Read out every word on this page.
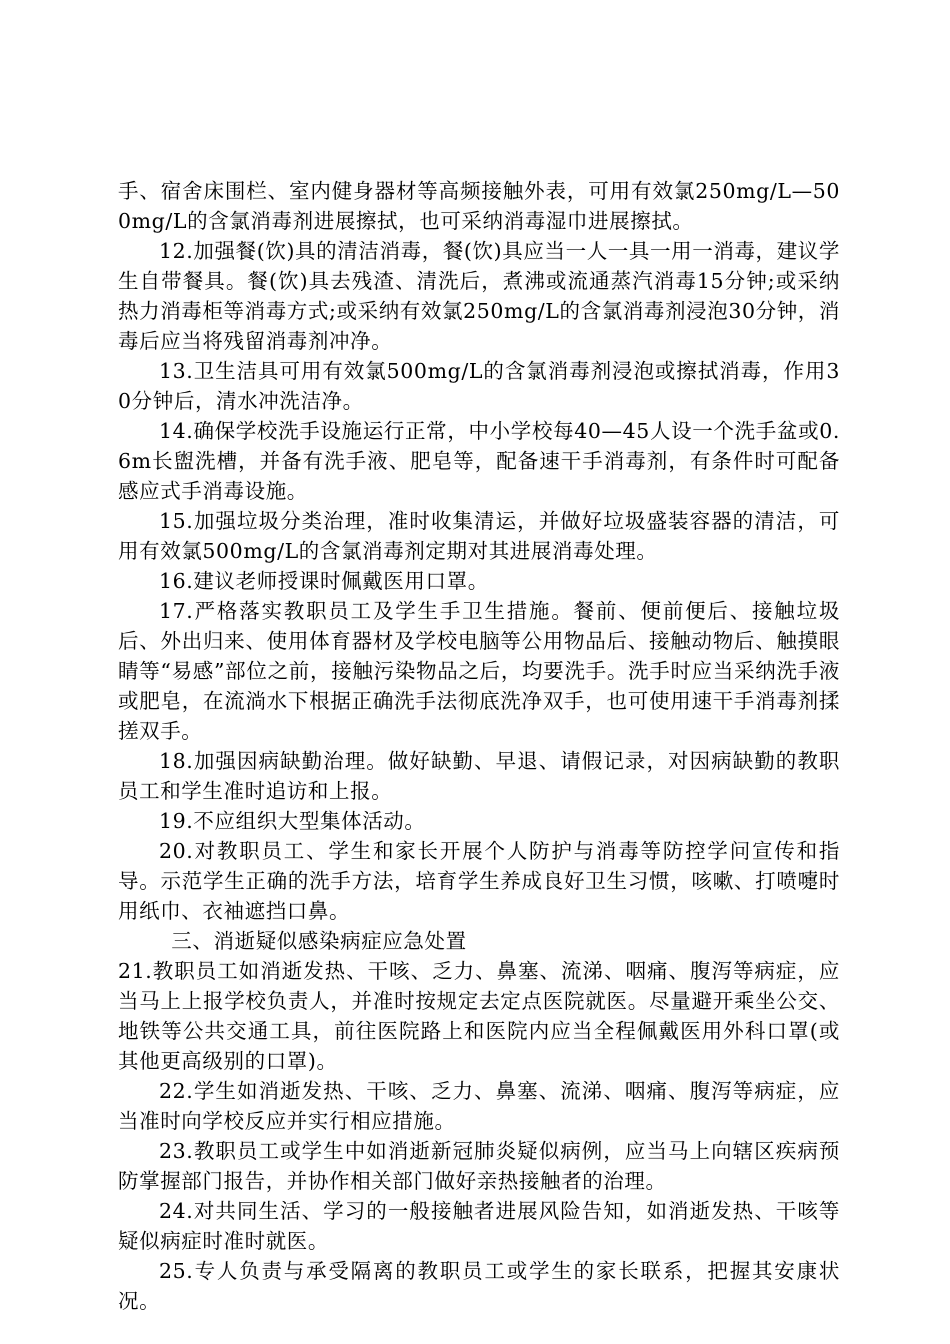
手、宿舍床围栏、室内健身器材等高频接触外表，可用有效氯250mg/L—500mg/L的含氯消毒剂进展擦拭，也可采纳消毒湿巾进展擦拭。

12.加强餐(饮)具的清洁消毒，餐(饮)具应当一人一具一用一消毒，建议学生自带餐具。餐(饮)具去残渣、清洗后，煮沸或流通蒸汽消毒15分钟;或采纳热力消毒柜等消毒方式;或采纳有效氯250mg/L的含氯消毒剂浸泡30分钟，消毒后应当将残留消毒剂冲净。

13.卫生洁具可用有效氯500mg/L的含氯消毒剂浸泡或擦拭消毒，作用30分钟后，清水冲洗洁净。

14.确保学校洗手设施运行正常，中小学校每40—45人设一个洗手盆或0.6m长盥洗槽，并备有洗手液、肥皂等，配备速干手消毒剂，有条件时可配备感应式手消毒设施。

15.加强垃圾分类治理，准时收集清运，并做好垃圾盛装容器的清洁，可用有效氯500mg/L的含氯消毒剂定期对其进展消毒处理。

16.建议老师授课时佩戴医用口罩。

17.严格落实教职员工及学生手卫生措施。餐前、便前便后、接触垃圾后、外出归来、使用体育器材及学校电脑等公用物品后、接触动物后、触摸眼睛等“易感”部位之前，接触污染物品之后，均要洗手。洗手时应当采纳洗手液或肥皂，在流淌水下根据正确洗手法彻底洗净双手，也可使用速干手消毒剂揉搓双手。

18.加强因病缺勤治理。做好缺勤、早退、请假记录，对因病缺勤的教职员工和学生准时追访和上报。

19.不应组织大型集体活动。

20.对教职员工、学生和家长开展个人防护与消毒等防控学问宣传和指导。示范学生正确的洗手方法，培育学生养成良好卫生习惯，咳嗽、打喷嚏时用纸巾、衣袖遮挡口鼻。

三、消逝疑似感染病症应急处置

21.教职员工如消逝发热、干咳、乏力、鼻塞、流涕、咽痛、腹泻等病症，应当马上上报学校负责人，并准时按规定去定点医院就医。尽量避开乘坐公交、地铁等公共交通工具，前往医院路上和医院内应当全程佩戴医用外科口罩(或其他更高级别的口罩)。

22.学生如消逝发热、干咳、乏力、鼻塞、流涕、咽痛、腹泻等病症，应当准时向学校反应并实行相应措施。

23.教职员工或学生中如消逝新冠肺炎疑似病例，应当马上向辖区疾病预防掌握部门报告，并协作相关部门做好亲热接触者的治理。

24.对共同生活、学习的一般接触者进展风险告知，如消逝发热、干咳等疑似病症时准时就医。

25.专人负责与承受隔离的教职员工或学生的家长联系，把握其安康状况。
